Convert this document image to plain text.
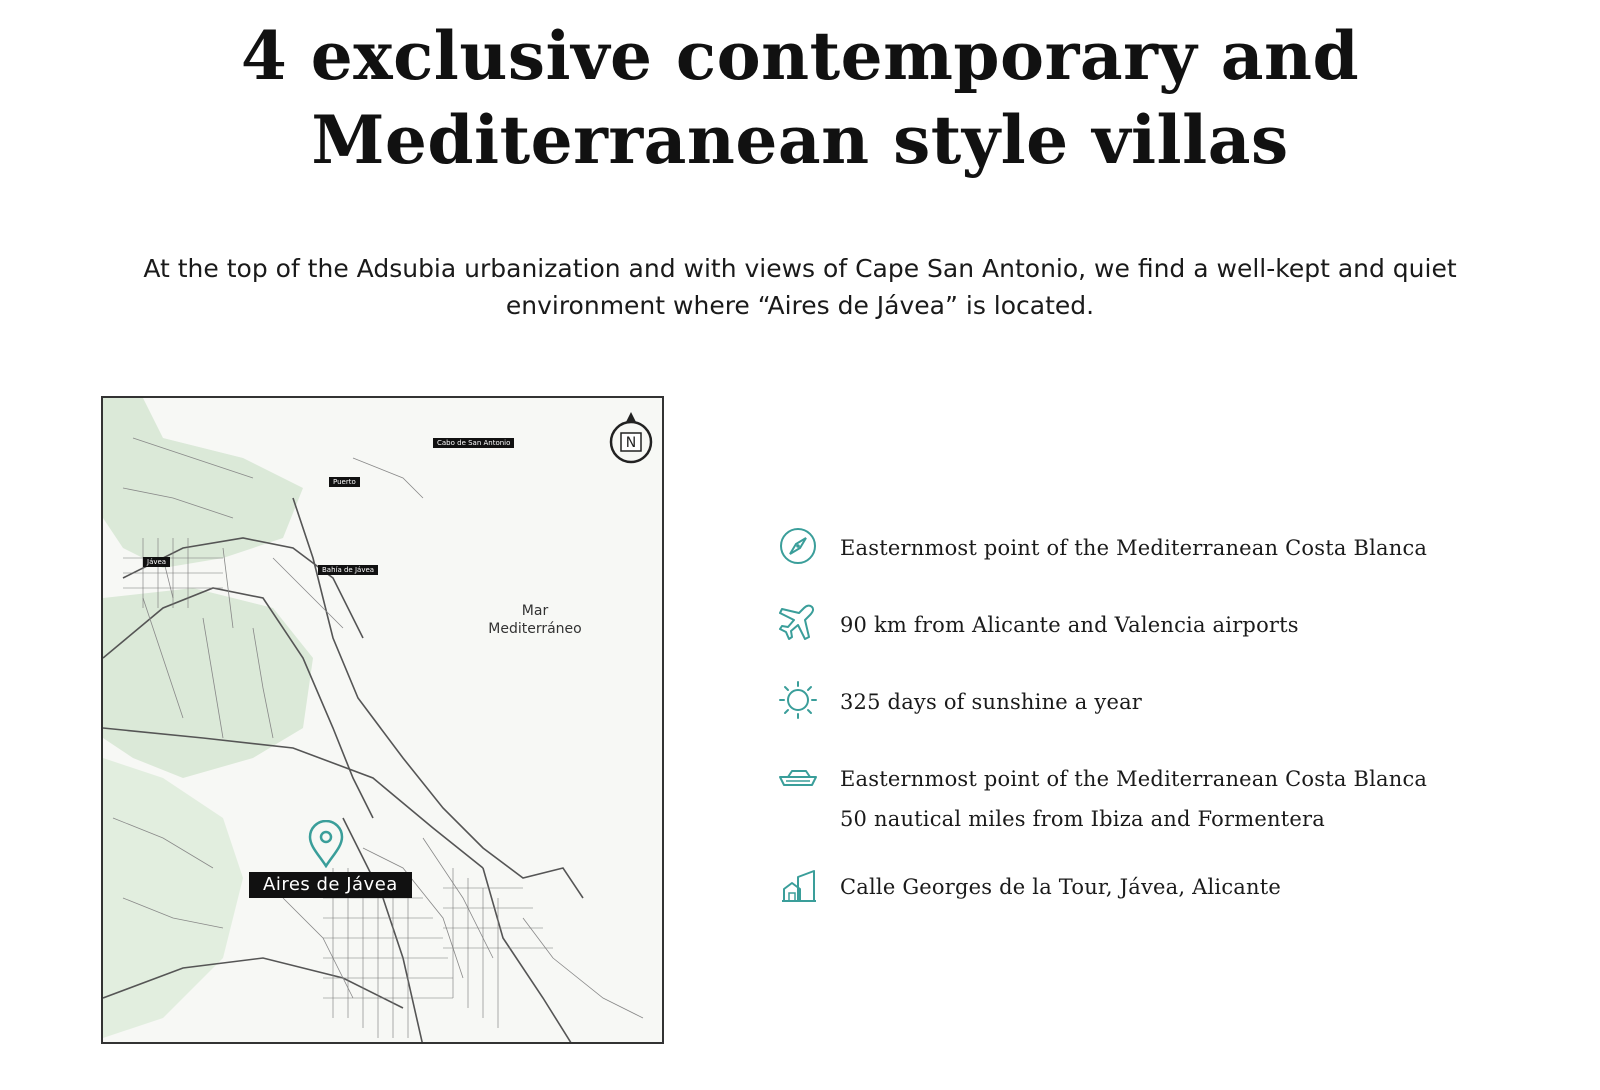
4 exclusive contemporary and
Mediterranean style villas

At the top of the Adsubia urbanization and with views of Cape San Antonio, we find a well-kept and quiet environment where “Aires de Jávea” is located.

Cabo de San Antonio
Puerto
Jávea
Bahía de Jávea
Mar
Mediterráneo
N
Aires de Jávea
Easternmost point of the Mediterranean Costa Blanca
90 km from Alicante and Valencia airports
325 days of sunshine a year
Easternmost point of the Mediterranean Costa Blanca
50 nautical miles from Ibiza and Formentera
Calle Georges de la Tour, Jávea, Alicante
